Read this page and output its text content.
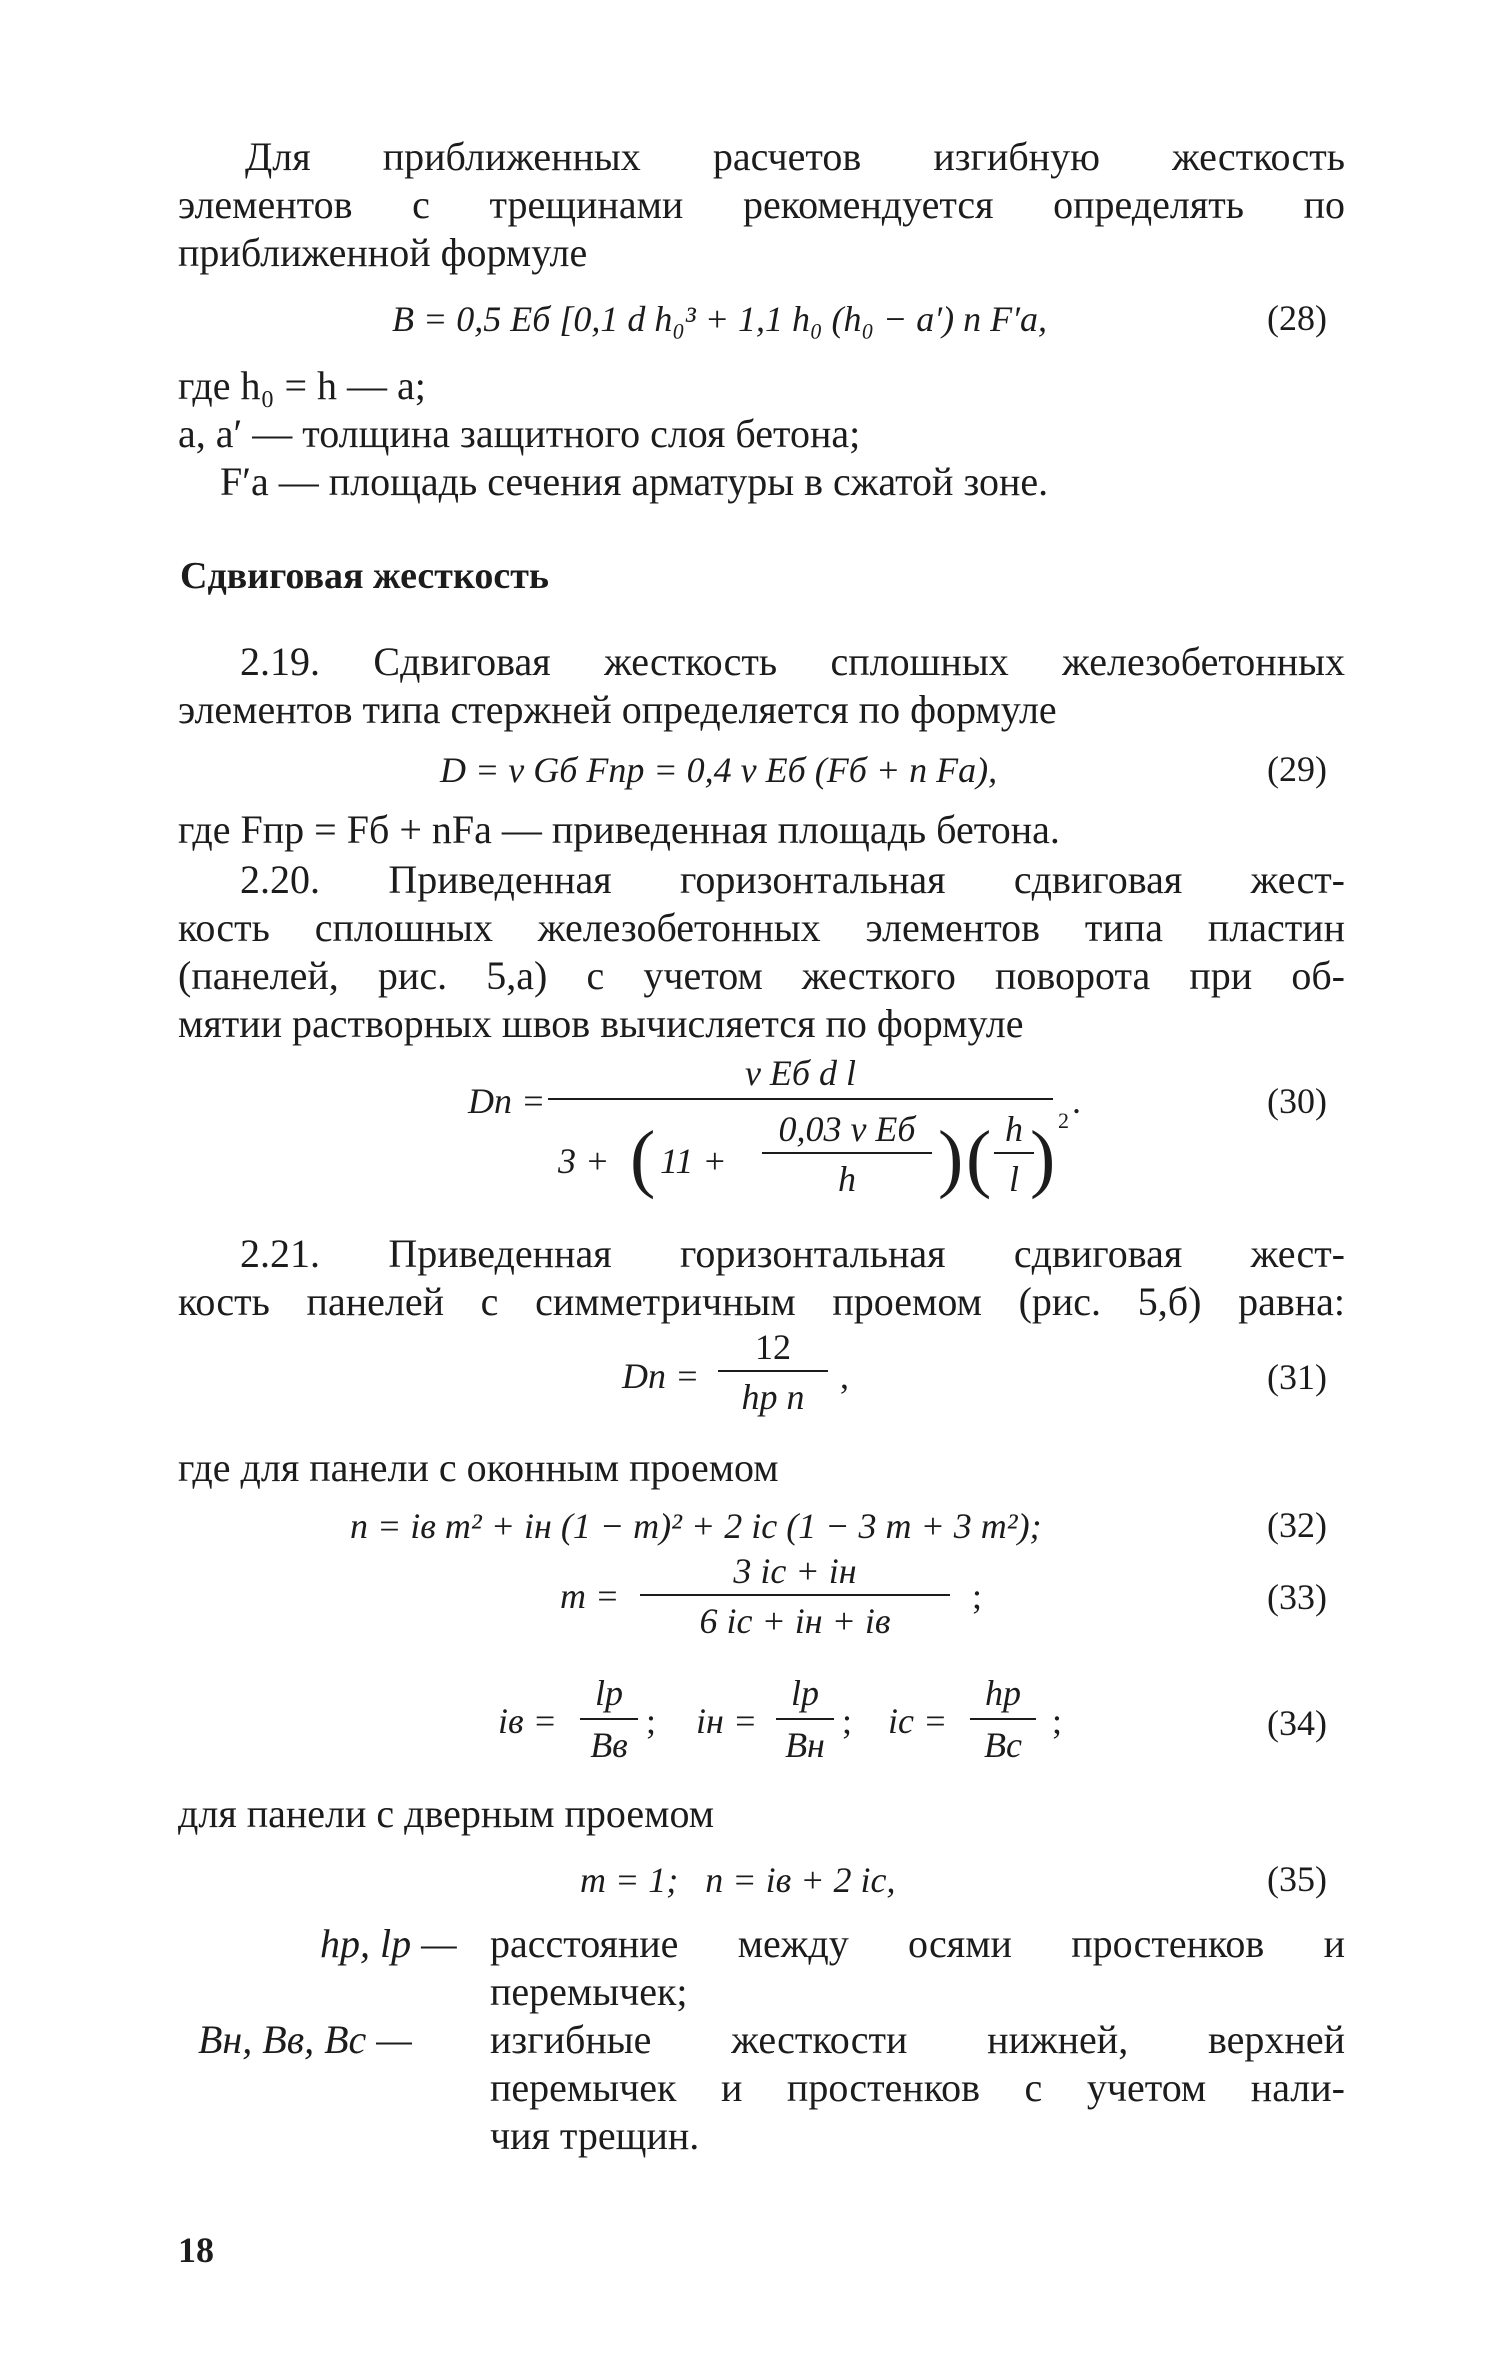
Для приближенных расчетов изгибную жесткость
элементов с трещинами рекомендуется определять по
приближенной формуле
B = 0,5 Eб [0,1 d h₀³ + 1,1 h₀ (h₀ − a′) n F′а,	(28)
где h₀ = h — a;
a, a′ — толщина защитного слоя бетона;
F′а — площадь сечения арматуры в сжатой зоне.
Сдвиговая жесткость
2.19. Сдвиговая жесткость сплошных железобетонных
элементов типа стержней определяется по формуле
D = ν Gб Fпр = 0,4 ν Eб (Fб + n Fа),	(29)
где Fпр = Fб + nFа — приведенная площадь бетона.
2.20. Приведенная горизонтальная сдвиговая жест-
кость сплошных железобетонных элементов типа пластин
(панелей, рис. 5,а) с учетом жесткого поворота при об-
мятии растворных швов вычисляется по формуле
Dп =
ν Eб d l
3 + ( 11 +
0,03 ν Eб
h	) ( h
l ) 2 .	(30)
2.21. Приведенная горизонтальная сдвиговая жест-
кость панелей с симметричным проемом (рис. 5,б) равна:
Dп =
12
hр n
,	(31)
где для панели с оконным проемом
n = iв m² + iн (1 − m)² + 2 iс (1 − 3 m + 3 m²);	(32)
m =
3 iс + iн
6 iс + iн + iв
;	(33)
iв =
lр
Bв
; iн =
lр
Bн
; iс =
hр
Bс
;	(34)
для панели с дверным проемом
m = 1;   n = iв + 2 iс,	(35)
hр, lр — расстояние между осями простенков и
перемычек;
Bн, Bв, Bс — изгибные жесткости нижней, верхней
перемычек и простенков с учетом нали-
чия трещин.
18
